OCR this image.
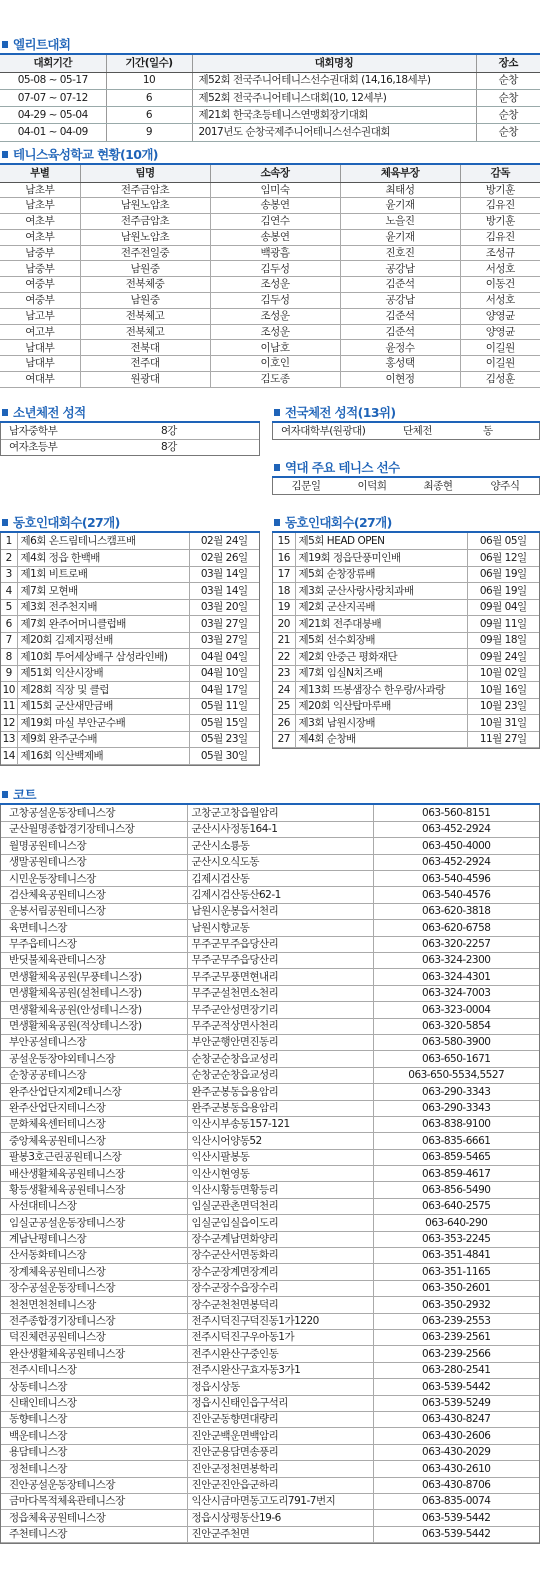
엘리트대회
대회기간	기간(일수)	대회명칭	장소
05-08 ~ 05-17	10	제52회 전국주니어테니스선수권대회 (14,16,18세부)	순창
07-07 ~ 07-12	6	제52회 전국주니어테니스대회(10, 12세부)	순창
04-29 ~ 05-04	6	제21회 한국초등테니스연맹회장기대회	순창
04-01 ~ 04-09	9	2017년도 순창국제주니어테니스선수권대회	순창
테니스육성학교 현황(10개)
부별	팀명	소속장	체육부장	감독
남초부	전주금암초	임미숙	최태성	방기훈
남초부	남원노암초	송봉연	윤기재	김유진
여초부	전주금암초	김연수	노을진	방기훈
여초부	남원노암초	송봉연	윤기재	김유진
남중부	전주전일중	백광흠	진호진	조성규
남중부	남원중	김두성	공강남	서성호
여중부	전북체중	조성운	김준석	이동건
여중부	남원중	김두성	공강남	서성호
남고부	전북체고	조성운	김준석	양영균
여고부	전북체고	조성운	김준석	양영균
남대부	전북대	이남호	윤정수	이길원
남대부	전주대	이호인	홍성택	이길원
여대부	원광대	김도종	이현정	김성훈
소년체전 성적
남자중학부	8강
여자초등부	8강
전국체전 성적(13위)
여자대학부(원광대)	단체전	동
역대 주요 테니스 선수
김문일	이덕희	최종현	양주식
동호인대회수(27개)
1	제6회 온드림테니스캠프배	02월 24일
2	제4회 정읍 한백배	02월 26일
3	제1회 비트로배	03월 14일
4	제7회 모현배	03월 14일
5	제3회 전주천지배	03월 20일
6	제7회 완주어머니클럽배	03월 27일
7	제20회 김제지평선배	03월 27일
8	제10회 투어세상배구 삼성라인배)	04월 04일
9	제51회 익산시장배	04월 10일
10	제28회 직장 및 클럽	04월 17일
11	제15회 군산새만금배	05월 11일
12	제19회 마실 부안군수배	05월 15일
13	제9회 완주군수배	05월 23일
14	제16회 익산백제배	05월 30일
동호인대회수(27개)
15	제5회 HEAD OPEN	06월 05일
16	제19회 정읍단풍미인배	06월 12일
17	제5회 순창장류배	06월 19일
18	제3회 군산사랑사랑치과배	06월 19일
19	제2회 군산지곡배	09월 04일
20	제21회 전주대붕배	09월 11일
21	제5회 선수회장배	09월 18일
22	제2회 안중근 평화재단	09월 24일
23	제7회 임실N치즈배	10월 02일
24	제13회 뜨봉샘장수 한우랑/사과랑	10월 16일
25	제20회 익산탑마루배	10월 23일
26	제3회 남원시장배	10월 31일
27	제4회 순창배	11월 27일
코트
고창공설운동장테니스장	고창군고창읍월암리	063-560-8151
군산월명종합경기장테니스장	군산시사정동164-1	063-452-2924
월명공원테니스장	군산시소룡동	063-450-4000
생말공원테니스장	군산시오식도동	063-452-2924
시민운동장테니스장	김제시검산동	063-540-4596
검산체육공원테니스장	김제시검산동산62-1	063-540-4576
운봉서림공원테니스장	남원시운봉읍서천리	063-620-3818
육면테니스장	남원시향교동	063-620-6758
무주읍테니스장	무주군무주읍당산리	063-320-2257
반딧불체육관테니스장	무주군무주읍당산리	063-324-2300
면생활체육공원(무풍테니스장)	무주군무풍면현내리	063-324-4301
면생활체육공원(설천테니스장)	무주군설천면소천리	063-324-7003
면생활체육공원(안성테니스장)	무주군안성면장기리	063-323-0004
면생활체육공원(적상테니스장)	무주군적상면사천리	063-320-5854
부안공설테니스장	부안군행안면진동리	063-580-3900
공설운동장야외테니스장	순창군순창읍교성리	063-650-1671
순창공공테니스장	순창군순창읍교성리	063-650-5534,5527
완주산업단지제2테니스장	완주군봉동읍용암리	063-290-3343
완주산업단지테니스장	완주군봉동읍용암리	063-290-3343
문화체육센터테니스장	익산시부송동157-121	063-838-9100
중앙체육공원테니스장	익산시어양동52	063-835-6661
팔봉3호근린공원테니스장	익산시팔봉동	063-859-5465
배산생활체육공원테니스장	익산시현영동	063-859-4617
황등생활체육공원테니스장	익산시황등면황등리	063-856-5490
사선대테니스장	임실군관촌면덕천리	063-640-2575
임실군공설운동장테니스장	임실군임실읍이도리	063-640-290
계남난평테니스장	장수군계남면화양리	063-353-2245
산서동화테니스장	장수군산서면동화리	063-351-4841
장계체육공원테니스장	장수군장계면장계리	063-351-1165
장수공설운동장테니스장	장수군장수읍장수리	063-350-2601
천천면천천테니스장	장수군천천면봉덕리	063-350-2932
전주종합경기장테니스장	전주시덕진구덕진동1가1220	063-239-2553
덕진체련공원테니스장	전주시덕진구우아동1가	063-239-2561
완산생활체육공원테니스장	전주시완산구중인동	063-239-2566
전주시테니스장	전주시완산구효자동3가1	063-280-2541
상동테니스장	정읍시상동	063-539-5442
신태인테니스장	정읍시신태인읍구석리	063-539-5249
동향테니스장	진안군동향면대량리	063-430-8247
백운테니스장	진안군백운면백암리	063-430-2606
용담테니스장	진안군용담면송풍리	063-430-2029
정천테니스장	진안군정천면봉학리	063-430-2610
진안공설운동장테니스장	진안군진안읍군하리	063-430-8706
금마다목적체육관테니스장	익산시금마면동고도리791-7번지	063-835-0074
정읍체육공원테니스장	정읍시상평동산19-6	063-539-5442
주천테니스장	진안군주천면	063-539-5442
